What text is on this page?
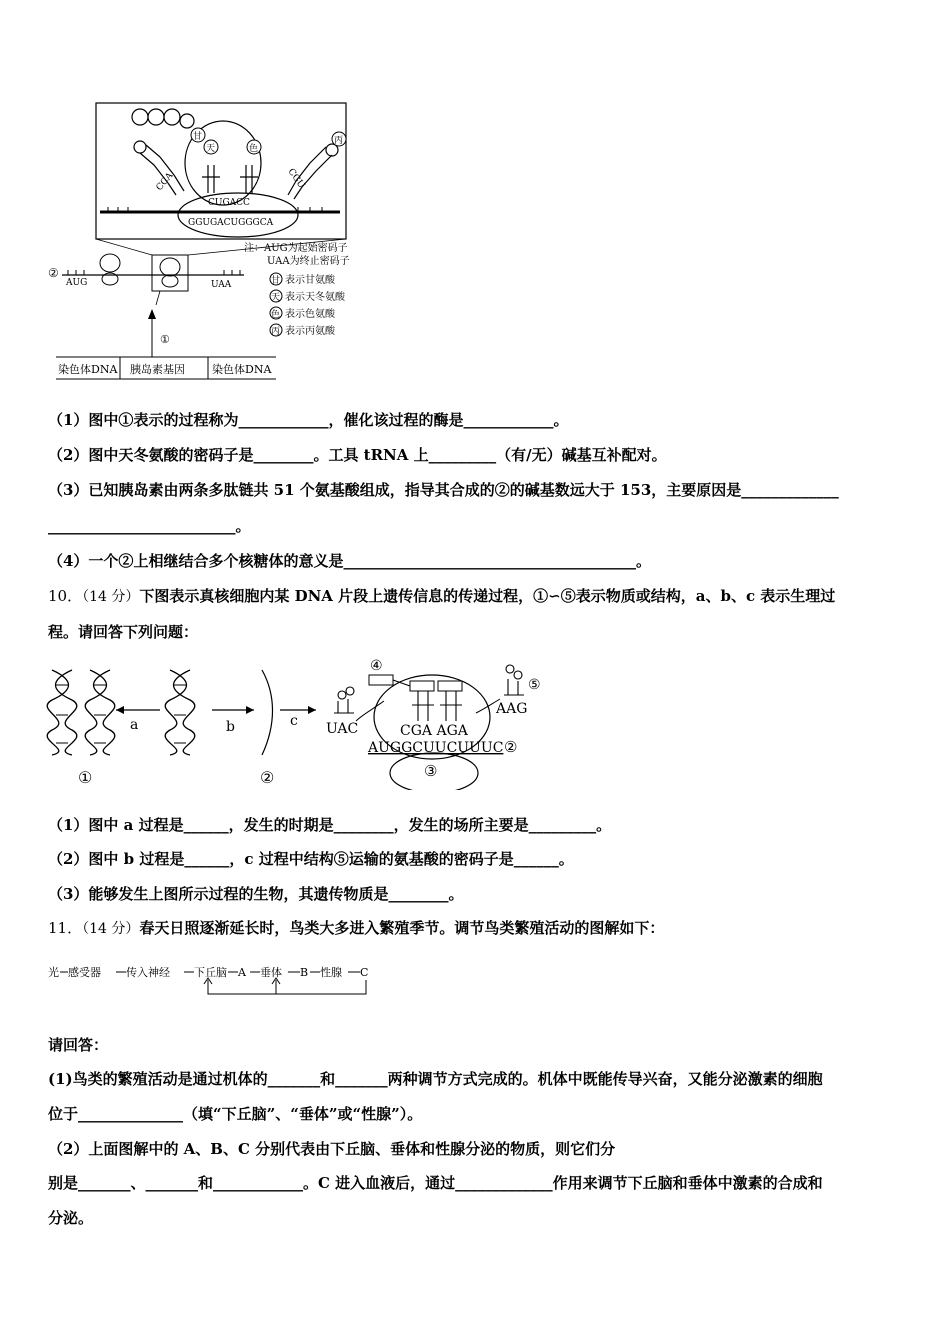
CCA	CGU
甘
天	色
丙
CUGACC
GGUGACUGGGCA
②
AUG	UAA
①
染色体DNA 胰岛素基因 染色体DNA
注：AUG为起始密码子
UAA为终止密码子
甘 表示甘氨酸
天 表示天冬氨酸
色 表示色氨酸
丙 表示丙氨酸
（1）图中①表示的过程称为____________，催化该过程的酶是____________。
（2）图中天冬氨酸的密码子是________。工具 tRNA 上_________（有/无）碱基互补配对。
（3）已知胰岛素由两条多肽链共 51 个氨基酸组成，指导其合成的②的碱基数远大于 153，主要原因是_____________
_________________________。
（4）一个②上相继结合多个核糖体的意义是_______________________________________。
10．（14 分）下图表示真核细胞内某 DNA 片段上遗传信息的传递过程，①∽⑤表示物质或结构，a、b、c 表示生理过
程。请回答下列问题：
a	b	c
①	②
UAC
④
CGA AGA
AUGGCUUCUUUC ②
③
⑤
AAG
（1）图中 a 过程是______，发生的时期是________，发生的场所主要是_________。
（2）图中 b 过程是______，c 过程中结构⑤运输的氨基酸的密码子是______。
（3）能够发生上图所示过程的生物，其遗传物质是________。
11．（14 分）春天日照逐渐延长时，鸟类大多进入繁殖季节。调节鸟类繁殖活动的图解如下：
光 感受器 传入神经 下丘脑 A 垂体 B 性腺 C
请回答：
(1)鸟类的繁殖活动是通过机体的_______和_______两种调节方式完成的。机体中既能传导兴奋，又能分泌激素的细胞
位于______________（填“下丘脑”、“垂体”或“性腺”）。
（2）上面图解中的 A、B、C 分别代表由下丘脑、垂体和性腺分泌的物质，则它们分
别是_______、_______和____________。C 进入血液后，通过_____________作用来调节下丘脑和垂体中激素的合成和
分泌。
